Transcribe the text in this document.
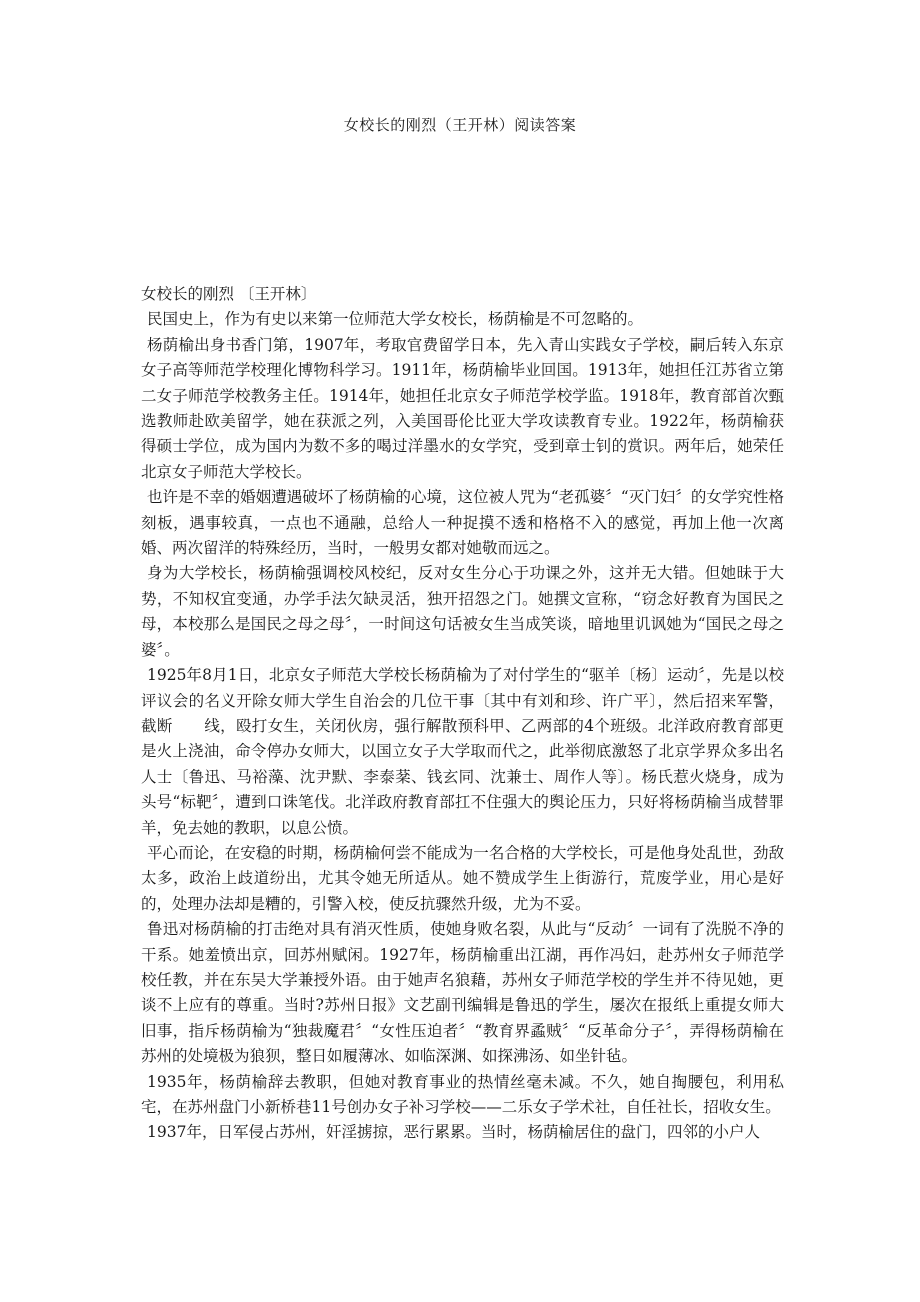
女校长的刚烈（王开林）阅读答案

女校长的刚烈 〔王开林〕

民国史上，作为有史以来第一位师范大学女校长，杨荫榆是不可忽略的。

杨荫榆出身书香门第，1907年，考取官费留学日本，先入青山实践女子学校，嗣后转入东京女子高等师范学校理化博物科学习。1911年，杨荫榆毕业回国。1913年，她担任江苏省立第二女子师范学校教务主任。1914年，她担任北京女子师范学校学监。1918年，教育部首次甄选教师赴欧美留学，她在获派之列，入美国哥伦比亚大学攻读教育专业。1922年，杨荫榆获得硕士学位，成为国内为数不多的喝过洋墨水的女学究，受到章士钊的赏识。两年后，她荣任北京女子师范大学校长。

也许是不幸的婚姻遭遇破坏了杨荫榆的心境，这位被人咒为“老孤婆〞“灭门妇〞的女学究性格刻板，遇事较真，一点也不通融，总给人一种捉摸不透和格格不入的感觉，再加上他一次离婚、两次留洋的特殊经历，当时，一般男女都对她敬而远之。

身为大学校长，杨荫榆强调校风校纪，反对女生分心于功课之外，这并无大错。但她昧于大势，不知权宜变通，办学手法欠缺灵活，独开招怨之门。她撰文宣称，“窃念好教育为国民之母，本校那么是国民之母之母〞，一时间这句话被女生当成笑谈，暗地里讥讽她为“国民之母之婆〞。

1925年8月1日，北京女子师范大学校长杨荫榆为了对付学生的“驱羊〔杨〕运动〞，先是以校评议会的名义开除女师大学生自治会的几位干事〔其中有刘和珍、许广平〕，然后招来军警，截断　　线，殴打女生，关闭伙房，强行解散预科甲、乙两部的4个班级。北洋政府教育部更是火上浇油，命令停办女师大，以国立女子大学取而代之，此举彻底激怒了北京学界众多出名人士〔鲁迅、马裕藻、沈尹默、李泰棻、钱玄同、沈兼士、周作人等〕。杨氏惹火烧身，成为头号“标靶〞，遭到口诛笔伐。北洋政府教育部扛不住强大的舆论压力，只好将杨荫榆当成替罪羊，免去她的教职，以息公愤。

平心而论，在安稳的时期，杨荫榆何尝不能成为一名合格的大学校长，可是他身处乱世，劲敌太多，政治上歧道纷出，尤其令她无所适从。她不赞成学生上街游行，荒废学业，用心是好的，处理办法却是糟的，引警入校，使反抗骤然升级，尤为不妥。

鲁迅对杨荫榆的打击绝对具有消灭性质，使她身败名裂，从此与“反动〞一词有了洗脱不净的干系。她羞愤出京，回苏州赋闲。1927年，杨荫榆重出江湖，再作冯妇，赴苏州女子师范学校任教，并在东吴大学兼授外语。由于她声名狼藉，苏州女子师范学校的学生并不待见她，更谈不上应有的尊重。当时?苏州日报》文艺副刊编辑是鲁迅的学生，屡次在报纸上重提女师大旧事，指斥杨荫榆为“独裁魔君〞“女性压迫者〞“教育界蟊贼〞“反革命分子〞，弄得杨荫榆在苏州的处境极为狼狈，整日如履薄冰、如临深渊、如探沸汤、如坐针毡。

1935年，杨荫榆辞去教职，但她对教育事业的热情丝毫未减。不久，她自掏腰包，利用私宅，在苏州盘门小新桥巷11号创办女子补习学校——二乐女子学术社，自任社长，招收女生。

1937年，日军侵占苏州，奸淫掳掠，恶行累累。当时，杨荫榆居住的盘门，四邻的小户人
